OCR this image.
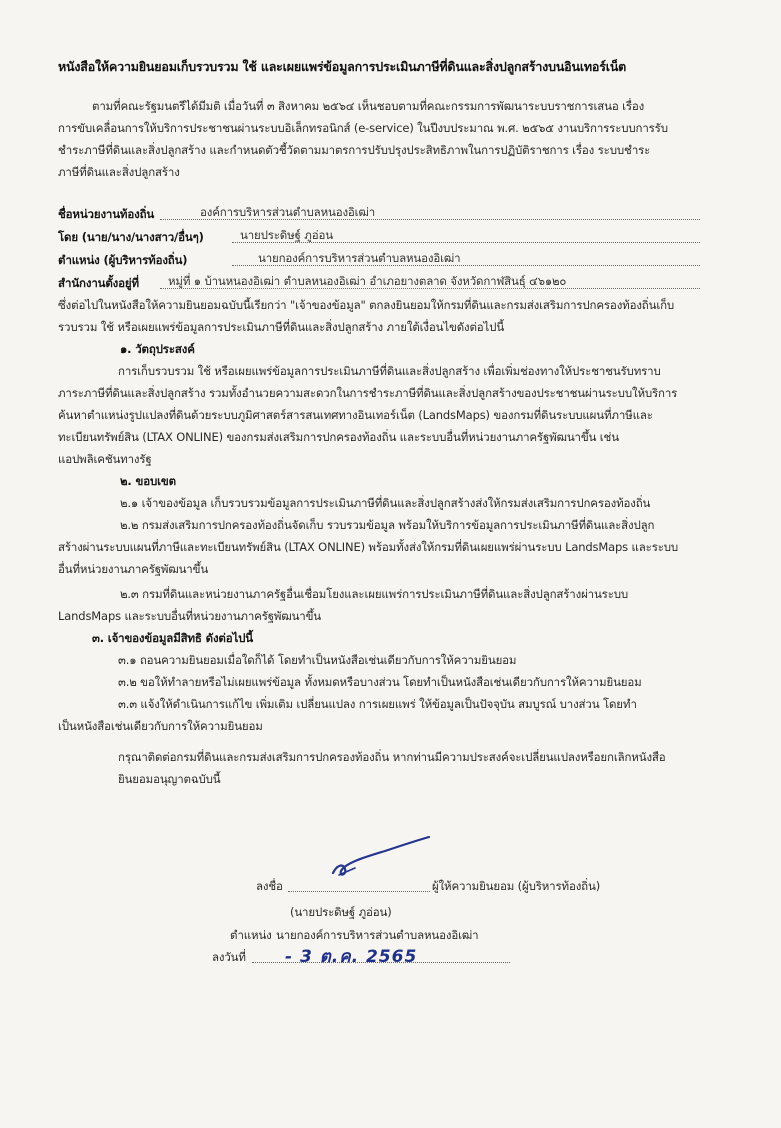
หนังสือให้ความยินยอมเก็บรวบรวม ใช้ และเผยแพร่ข้อมูลการประเมินภาษีที่ดินและสิ่งปลูกสร้างบนอินเทอร์เน็ต
ตามที่คณะรัฐมนตรีได้มีมติ เมื่อวันที่ ๓ สิงหาคม ๒๕๖๔ เห็นชอบตามที่คณะกรรมการพัฒนาระบบราชการเสนอ เรื่อง
การขับเคลื่อนการให้บริการประชาชนผ่านระบบอิเล็กทรอนิกส์ (e-service) ในปีงบประมาณ พ.ศ. ๒๕๖๕ งานบริการระบบการรับ
ชำระภาษีที่ดินและสิ่งปลูกสร้าง และกำหนดตัวชี้วัดตามมาตรการปรับปรุงประสิทธิภาพในการปฏิบัติราชการ เรื่อง ระบบชำระ
ภาษีที่ดินและสิ่งปลูกสร้าง
ชื่อหน่วยงานท้องถิ่น	องค์การบริหารส่วนตำบลหนองอิเฒ่า
โดย (นาย/นาง/นางสาว/อื่นๆ)	นายประดิษฐ์ ภูอ่อน
ตำแหน่ง (ผู้บริหารท้องถิ่น)	นายกองค์การบริหารส่วนตำบลหนองอิเฒ่า
สำนักงานตั้งอยู่ที่	หมู่ที่ ๑ บ้านหนองอิเฒ่า ตำบลหนองอิเฒ่า อำเภอยางตลาด จังหวัดกาฬสินธุ์ ๔๖๑๒๐
ซึ่งต่อไปในหนังสือให้ความยินยอมฉบับนี้เรียกว่า "เจ้าของข้อมูล" ตกลงยินยอมให้กรมที่ดินและกรมส่งเสริมการปกครองท้องถิ่นเก็บ
รวบรวม ใช้ หรือเผยแพร่ข้อมูลการประเมินภาษีที่ดินและสิ่งปลูกสร้าง ภายใต้เงื่อนไขดังต่อไปนี้
๑. วัตถุประสงค์
การเก็บรวบรวม ใช้ หรือเผยแพร่ข้อมูลการประเมินภาษีที่ดินและสิ่งปลูกสร้าง เพื่อเพิ่มช่องทางให้ประชาชนรับทราบ
ภาระภาษีที่ดินและสิ่งปลูกสร้าง รวมทั้งอำนวยความสะดวกในการชำระภาษีที่ดินและสิ่งปลูกสร้างของประชาชนผ่านระบบให้บริการ
ค้นหาตำแหน่งรูปแปลงที่ดินด้วยระบบภูมิศาสตร์สารสนเทศทางอินเทอร์เน็ต (LandsMaps) ของกรมที่ดินระบบแผนที่ภาษีและ
ทะเบียนทรัพย์สิน (LTAX ONLINE) ของกรมส่งเสริมการปกครองท้องถิ่น และระบบอื่นที่หน่วยงานภาครัฐพัฒนาขึ้น เช่น
แอปพลิเคชันทางรัฐ
๒. ขอบเขต
๒.๑ เจ้าของข้อมูล เก็บรวบรวมข้อมูลการประเมินภาษีที่ดินและสิ่งปลูกสร้างส่งให้กรมส่งเสริมการปกครองท้องถิ่น
๒.๒ กรมส่งเสริมการปกครองท้องถิ่นจัดเก็บ รวบรวมข้อมูล พร้อมให้บริการข้อมูลการประเมินภาษีที่ดินและสิ่งปลูก
สร้างผ่านระบบแผนที่ภาษีและทะเบียนทรัพย์สิน (LTAX ONLINE) พร้อมทั้งส่งให้กรมที่ดินเผยแพร่ผ่านระบบ LandsMaps และระบบ
อื่นที่หน่วยงานภาครัฐพัฒนาขึ้น
๒.๓ กรมที่ดินและหน่วยงานภาครัฐอื่นเชื่อมโยงและเผยแพร่การประเมินภาษีที่ดินและสิ่งปลูกสร้างผ่านระบบ
LandsMaps และระบบอื่นที่หน่วยงานภาครัฐพัฒนาขึ้น
๓. เจ้าของข้อมูลมีสิทธิ ดังต่อไปนี้
๓.๑ ถอนความยินยอมเมื่อใดก็ได้ โดยทำเป็นหนังสือเช่นเดียวกับการให้ความยินยอม
๓.๒ ขอให้ทำลายหรือไม่เผยแพร่ข้อมูล ทั้งหมดหรือบางส่วน โดยทำเป็นหนังสือเช่นเดียวกับการให้ความยินยอม
๓.๓ แจ้งให้ดำเนินการแก้ไข เพิ่มเติม เปลี่ยนแปลง การเผยแพร่ ให้ข้อมูลเป็นปัจจุบัน สมบูรณ์ บางส่วน โดยทำ
เป็นหนังสือเช่นเดียวกับการให้ความยินยอม
กรุณาติดต่อกรมที่ดินและกรมส่งเสริมการปกครองท้องถิ่น หากท่านมีความประสงค์จะเปลี่ยนแปลงหรือยกเลิกหนังสือ
ยินยอมอนุญาตฉบับนี้
ลงชื่อ	ผู้ให้ความยินยอม (ผู้บริหารท้องถิ่น)
(นายประดิษฐ์ ภูอ่อน)
ตำแหน่ง นายกองค์การบริหารส่วนตำบลหนองอิเฒ่า
ลงวันที่ - 3 ต.ค. 2565
